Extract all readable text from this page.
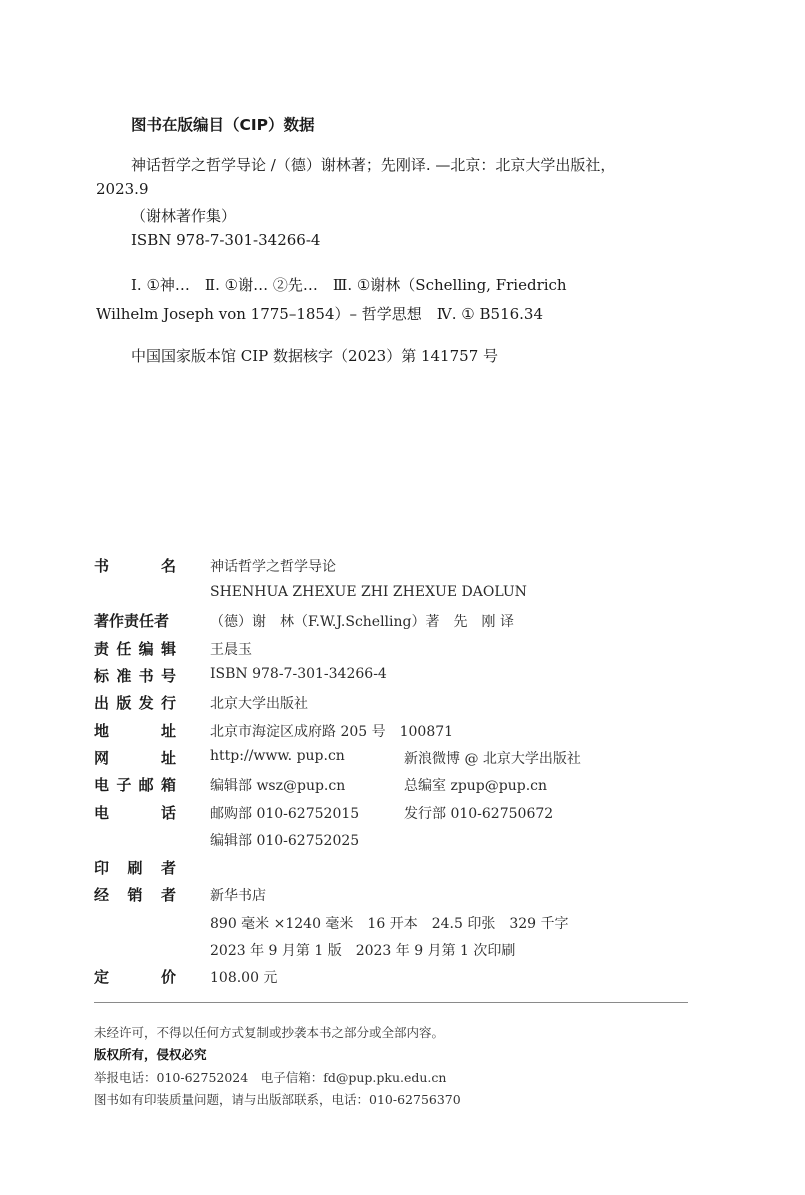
图书在版编目（CIP）数据
神话哲学之哲学导论 /（德）谢林著；先刚译. —北京：北京大学出版社，
2023.9
（谢林著作集）
ISBN 978-7-301-34266-4
Ⅰ. ①神…　Ⅱ. ①谢… ②先…　Ⅲ. ①谢林（Schelling, Friedrich
Wilhelm Joseph von 1775–1854）– 哲学思想　Ⅳ. ① B516.34
中国国家版本馆 CIP 数据核字（2023）第 141757 号
书	名 神话哲学之哲学导论
SHENHUA ZHEXUE ZHI ZHEXUE DAOLUN
著作责任者	（德）谢　林（F.W.J.Schelling）著　先　刚 译
责 任 编 辑 王晨玉
标 准 书 号 ISBN 978-7-301-34266-4
出 版 发 行 北京大学出版社
地	址 北京市海淀区成府路 205 号　100871
网	址 http://www. pup.cn	新浪微博 @ 北京大学出版社
电 子 邮 箱 编辑部 wsz@pup.cn	总编室 zpup@pup.cn
电	话 邮购部 010-62752015	发行部 010-62750672
编辑部 010-62752025
印 刷 者
经 销 者 新华书店
890 毫米 ×1240 毫米　16 开本　24.5 印张　329 千字
2023 年 9 月第 1 版　2023 年 9 月第 1 次印刷
定	价 108.00 元
未经许可，不得以任何方式复制或抄袭本书之部分或全部内容。
版权所有，侵权必究
举报电话：010-62752024　电子信箱：fd@pup.pku.edu.cn
图书如有印装质量问题，请与出版部联系，电话：010-62756370
